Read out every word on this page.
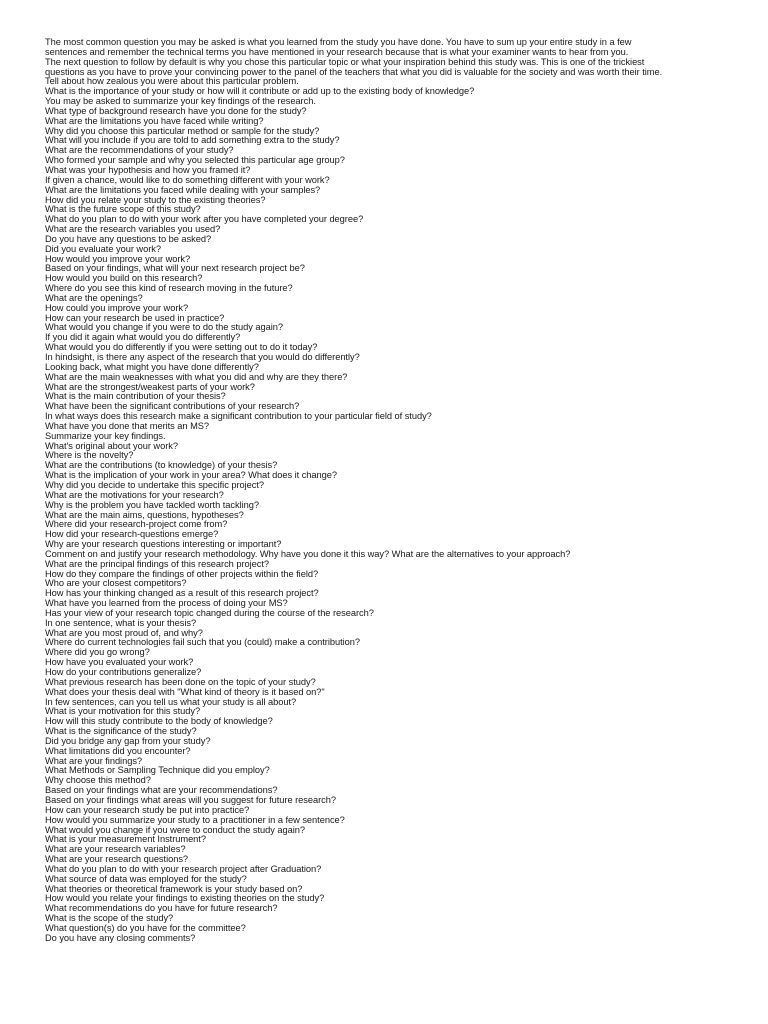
The most common question you may be asked is what you learned from the study you have done. You have to sum up your entire study in a few
sentences and remember the technical terms you have mentioned in your research because that is what your examiner wants to hear from you.
The next question to follow by default is why you chose this particular topic or what your inspiration behind this study was. This is one of the trickiest
questions as you have to prove your convincing power to the panel of the teachers that what you did is valuable for the society and was worth their time.
Tell about how zealous you were about this particular problem.
What is the importance of your study or how will it contribute or add up to the existing body of knowledge?
You may be asked to summarize your key findings of the research.
What type of background research have you done for the study?
What are the limitations you have faced while writing?
Why did you choose this particular method or sample for the study?
What will you include if you are told to add something extra to the study?
What are the recommendations of your study?
Who formed your sample and why you selected this particular age group?
What was your hypothesis and how you framed it?
If given a chance, would like to do something different with your work?
What are the limitations you faced while dealing with your samples?
How did you relate your study to the existing theories?
What is the future scope of this study?
What do you plan to do with your work after you have completed your degree?
What are the research variables you used?
Do you have any questions to be asked?
Did you evaluate your work?
How would you improve your work?
Based on your findings, what will your next research project be?
How would you build on this research?
Where do you see this kind of research moving in the future?
What are the openings?
How could you improve your work?
How can your research be used in practice?
What would you change if you were to do the study again?
If you did it again what would you do differently?
What would you do differently if you were setting out to do it today?
In hindsight, is there any aspect of the research that you would do differently?
Looking back, what might you have done differently?
What are the main weaknesses with what you did and why are they there?
What are the strongest/weakest parts of your work?
What is the main contribution of your thesis?
What have been the significant contributions of your research?
In what ways does this research make a significant contribution to your particular field of study?
What have you done that merits an MS?
Summarize your key findings.
What's original about your work?
Where is the novelty?
What are the contributions (to knowledge) of your thesis?
What is the implication of your work in your area? What does it change?
Why did you decide to undertake this specific project?
What are the motivations for your research?
Why is the problem you have tackled worth tackling?
What are the main aims, questions, hypotheses?
Where did your research-project come from?
How did your research-questions emerge?
Why are your research questions interesting or important?
Comment on and justify your research methodology. Why have you done it this way? What are the alternatives to your approach?
What are the principal findings of this research project?
How do they compare the findings of other projects within the field?
Who are your closest competitors?
How has your thinking changed as a result of this research project?
What have you learned from the process of doing your MS?
Has your view of your research topic changed during the course of the research?
In one sentence, what is your thesis?
What are you most proud of, and why?
Where do current technologies fail such that you (could) make a contribution?
Where did you go wrong?
How have you evaluated your work?
How do your contributions generalize?
What previous research has been done on the topic of your study?
What does your thesis deal with "What kind of theory is it based on?"
In few sentences, can you tell us what your study is all about?
What is your motivation for this study?
How will this study contribute to the body of knowledge?
What is the significance of the study?
Did you bridge any gap from your study?
What limitations did you encounter?
What are your findings?
What Methods or Sampling Technique did you employ?
Why choose this method?
Based on your findings what are your recommendations?
Based on your findings what areas will you suggest for future research?
How can your research study be put into practice?
How would you summarize your study to a practitioner in a few sentence?
What would you change if you were to conduct the study again?
What is your measurement Instrument?
What are your research variables?
What are your research questions?
What do you plan to do with your research project after Graduation?
What source of data was employed for the study?
What theories or theoretical framework is your study based on?
How would you relate your findings to existing theories on the study?
What recommendations do you have for future research?
What is the scope of the study?
What question(s) do you have for the committee?
Do you have any closing comments?
